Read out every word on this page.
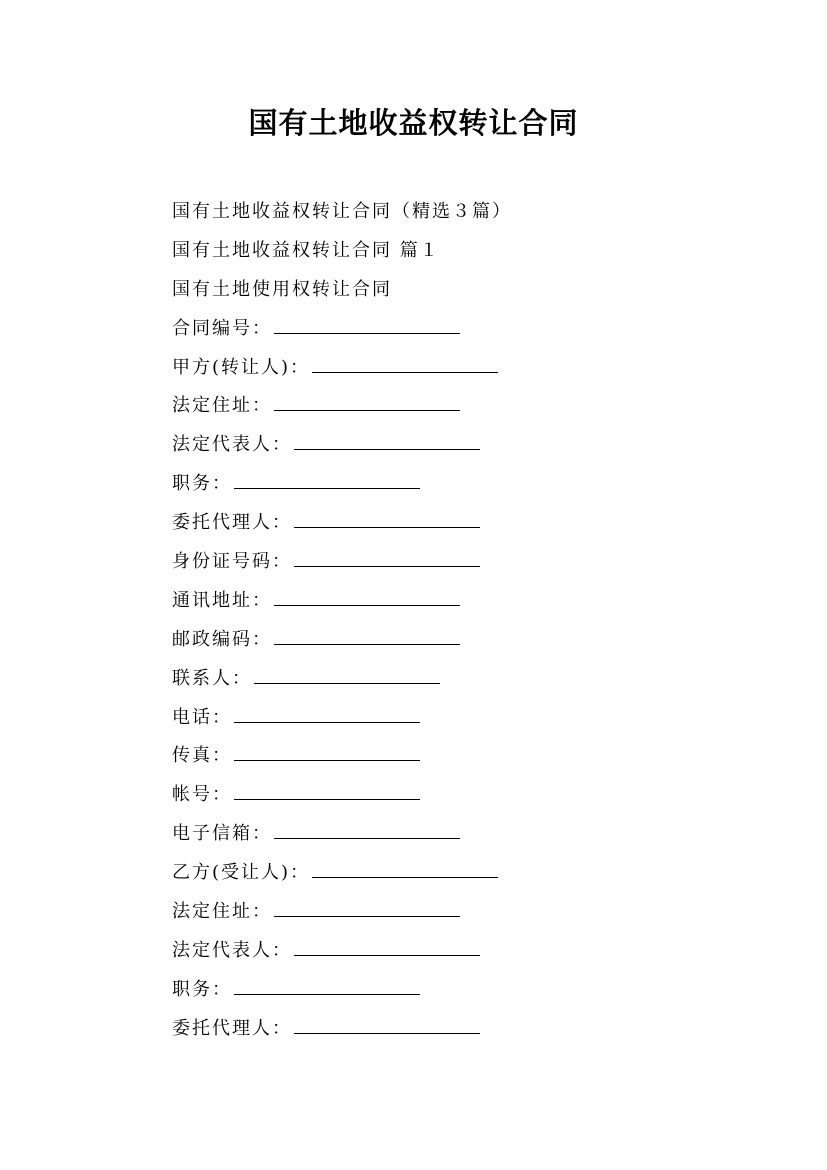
国有土地收益权转让合同
国有土地收益权转让合同（精选３篇）
国有土地收益权转让合同 篇１
国有土地使用权转让合同
合同编号：
甲方(转让人)：
法定住址：
法定代表人：
职务：
委托代理人：
身份证号码：
通讯地址：
邮政编码：
联系人：
电话：
传真：
帐号：
电子信箱：
乙方(受让人)：
法定住址：
法定代表人：
职务：
委托代理人：
